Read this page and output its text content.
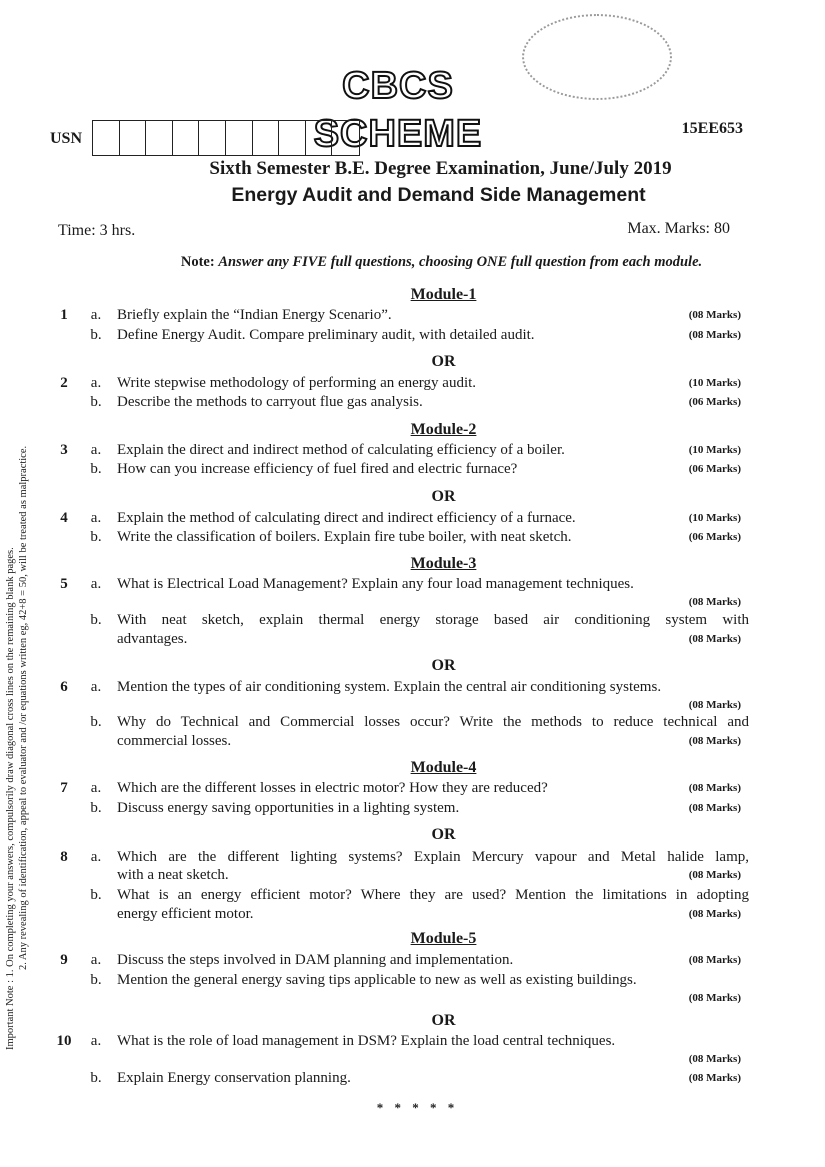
CBCS SCHEME
USN
15EE653
Sixth Semester B.E. Degree Examination, June/July 2019
Energy Audit and Demand Side Management
Time: 3 hrs.	Max. Marks: 80
Note: Answer any FIVE full questions, choosing ONE full question from each module.
Module-1
1 a. Briefly explain the “Indian Energy Scenario”.	(08 Marks)
b. Define Energy Audit. Compare preliminary audit, with detailed audit.	(08 Marks)
OR
2 a. Write stepwise methodology of performing an energy audit.	(10 Marks)
b. Describe the methods to carryout flue gas analysis.	(06 Marks)
Module-2
3 a. Explain the direct and indirect method of calculating efficiency of a boiler.	(10 Marks)
b. How can you increase efficiency of fuel fired and electric furnace?	(06 Marks)
OR
4 a. Explain the method of calculating direct and indirect efficiency of a furnace.	(10 Marks)
b. Write the classification of boilers. Explain fire tube boiler, with neat sketch.	(06 Marks)
Module-3
5 a. What is Electrical Load Management? Explain any four load management techniques.
(08 Marks)
b. With neat sketch, explain thermal energy storage based air conditioning system with
advantages.	(08 Marks)
OR
6 a. Mention the types of air conditioning system. Explain the central air conditioning systems.
(08 Marks)
b. Why do Technical and Commercial losses occur? Write the methods to reduce technical and
commercial losses.	(08 Marks)
Module-4
7 a. Which are the different losses in electric motor? How they are reduced?	(08 Marks)
b. Discuss energy saving opportunities in a lighting system.	(08 Marks)
OR
8 a. Which are the different lighting systems? Explain Mercury vapour and Metal halide lamp,
with a neat sketch.	(08 Marks)
b. What is an energy efficient motor? Where they are used? Mention the limitations in adopting
energy efficient motor.	(08 Marks)
Module-5
9 a. Discuss the steps involved in DAM planning and implementation.	(08 Marks)
b. Mention the general energy saving tips applicable to new as well as existing buildings.
(08 Marks)
OR
10 a. What is the role of load management in DSM? Explain the load central techniques.
(08 Marks)
b. Explain Energy conservation planning.	(08 Marks)
* * * * *
Important Note : 1. On completing your answers, compulsorily draw diagonal cross lines on the remaining blank pages. 2. Any revealing of identification, appeal to evaluator and /or equations written eg, 42+8 = 50, will be treated as malpractice.
